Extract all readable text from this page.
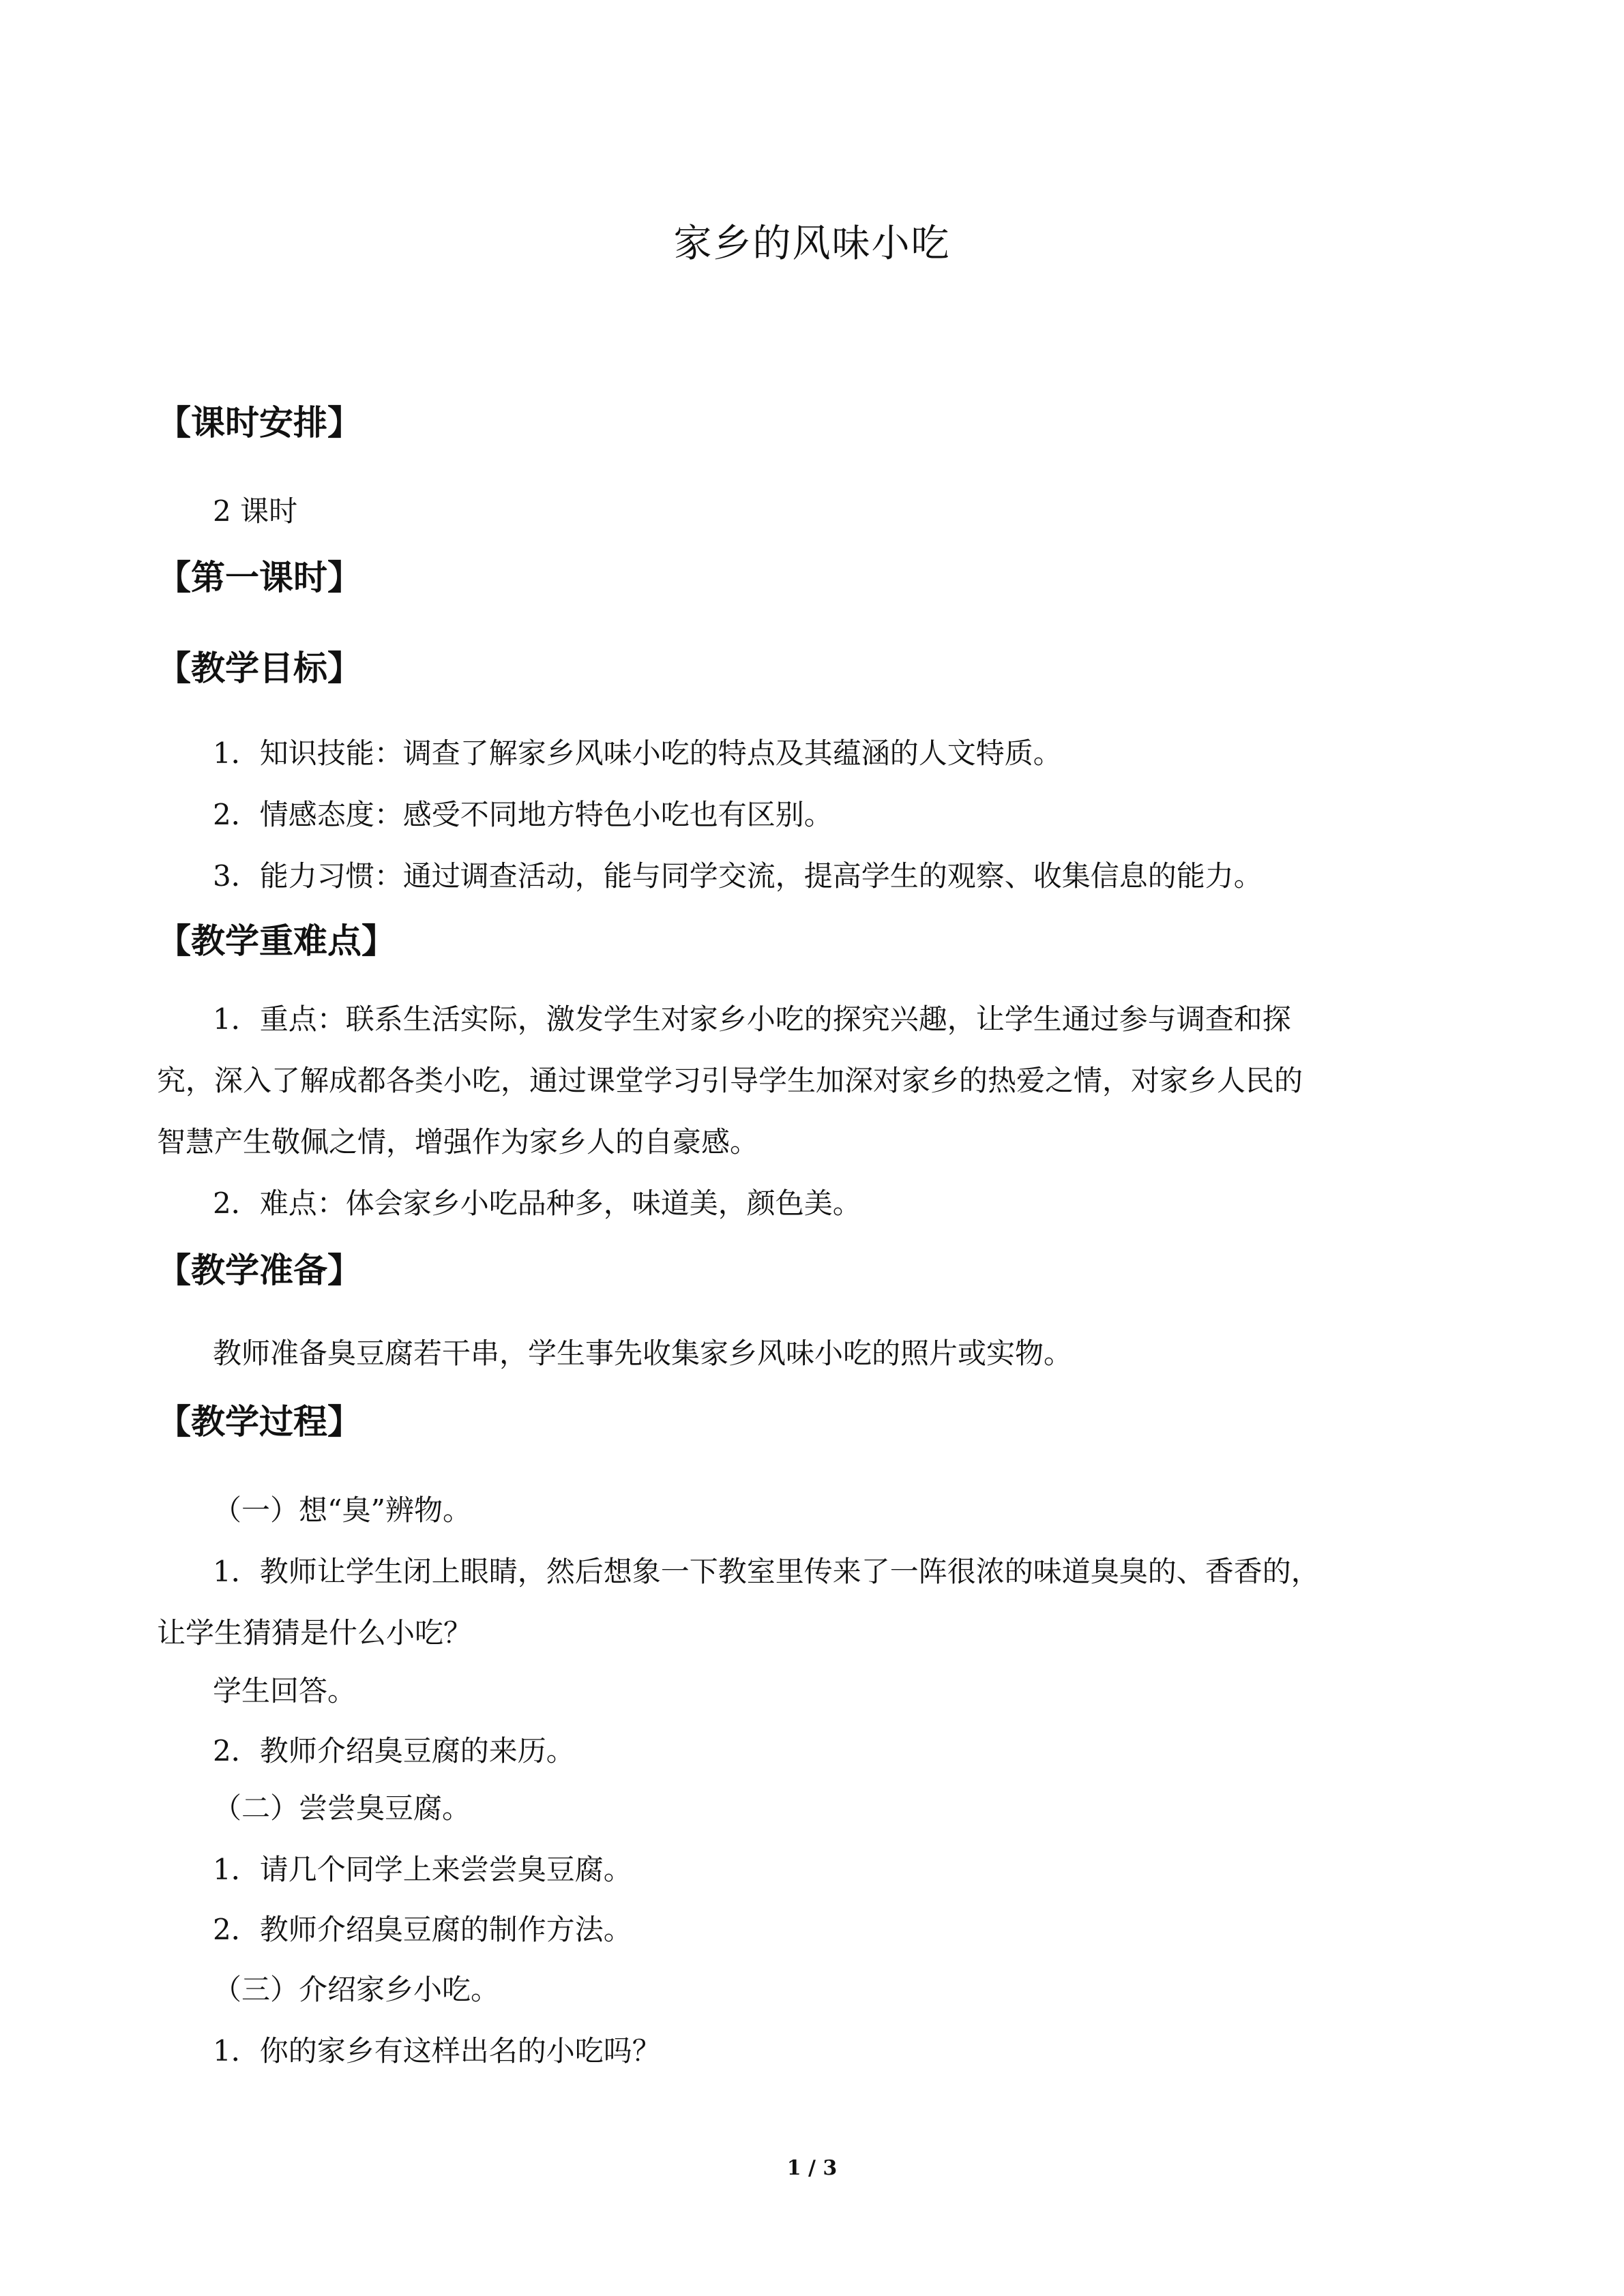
家乡的风味小吃
【课时安排】
2 课时
【第一课时】
【教学目标】
1．知识技能：调查了解家乡风味小吃的特点及其蕴涵的人文特质。
2．情感态度：感受不同地方特色小吃也有区别。
3．能力习惯：通过调查活动，能与同学交流，提高学生的观察、收集信息的能力。
【教学重难点】
1．重点：联系生活实际，激发学生对家乡小吃的探究兴趣，让学生通过参与调查和探
究，深入了解成都各类小吃，通过课堂学习引导学生加深对家乡的热爱之情，对家乡人民的
智慧产生敬佩之情，增强作为家乡人的自豪感。
2．难点：体会家乡小吃品种多，味道美，颜色美。
【教学准备】
教师准备臭豆腐若干串，学生事先收集家乡风味小吃的照片或实物。
【教学过程】
（一）想“臭”辨物。
1．教师让学生闭上眼睛，然后想象一下教室里传来了一阵很浓的味道臭臭的、香香的，
让学生猜猜是什么小吃？
学生回答。
2．教师介绍臭豆腐的来历。
（二）尝尝臭豆腐。
1．请几个同学上来尝尝臭豆腐。
2．教师介绍臭豆腐的制作方法。
（三）介绍家乡小吃。
1．你的家乡有这样出名的小吃吗？
1 / 3
